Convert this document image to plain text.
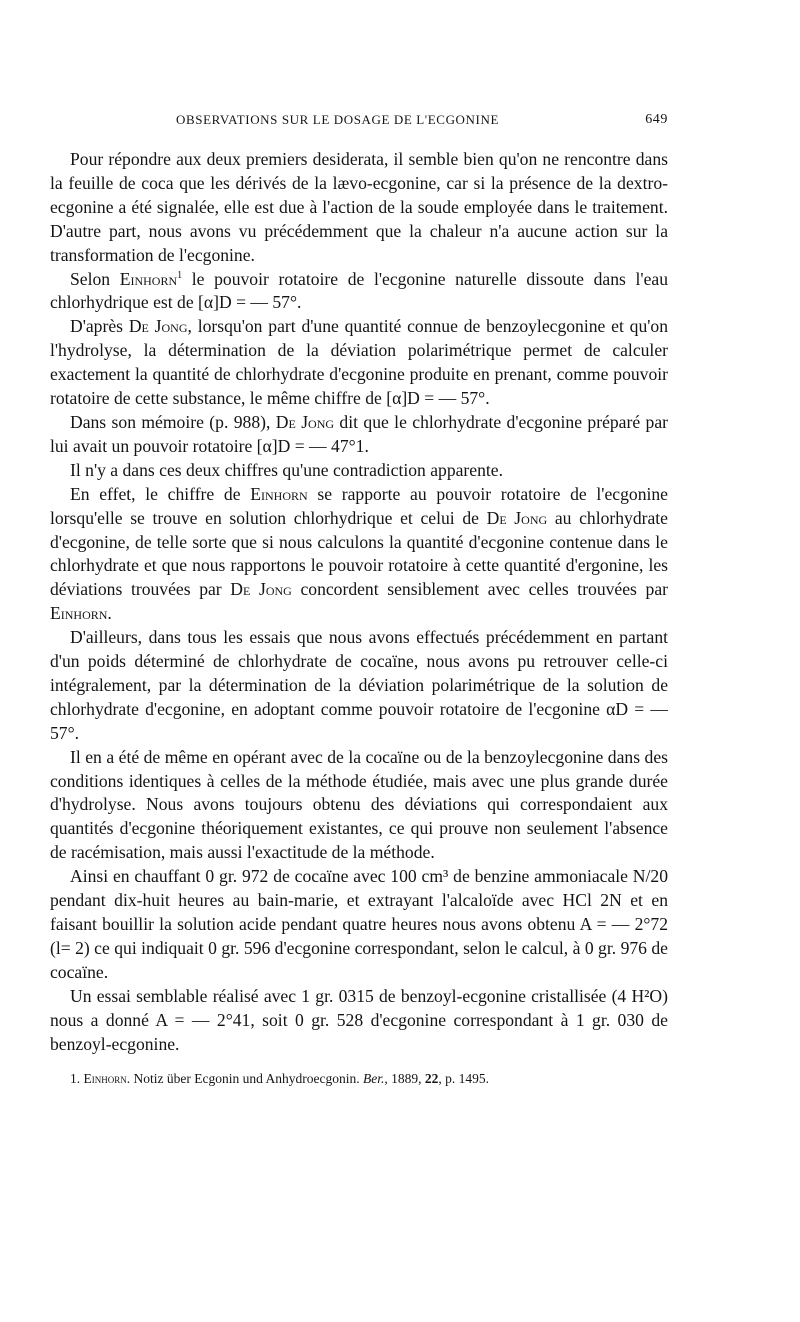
OBSERVATIONS SUR LE DOSAGE DE L'ECGONINE	649

Pour répondre aux deux premiers desiderata, il semble bien qu'on ne rencontre dans la feuille de coca que les dérivés de la lævo-ecgonine, car si la présence de la dextro-ecgonine a été signalée, elle est due à l'action de la soude employée dans le traitement. D'autre part, nous avons vu précédemment que la chaleur n'a aucune action sur la transformation de l'ecgonine.

Selon Einhorn$^1$ le pouvoir rotatoire de l'ecgonine naturelle dissoute dans l'eau chlorhydrique est de [α]D = — 57°.

D'après De Jong, lorsqu'on part d'une quantité connue de benzoylecgonine et qu'on l'hydrolyse, la détermination de la déviation polarimétrique permet de calculer exactement la quantité de chlorhydrate d'ecgonine produite en prenant, comme pouvoir rotatoire de cette substance, le même chiffre de [α]D = — 57°.

Dans son mémoire (p. 988), De Jong dit que le chlorhydrate d'ecgonine préparé par lui avait un pouvoir rotatoire [α]D = — 47°1.

Il n'y a dans ces deux chiffres qu'une contradiction apparente.

En effet, le chiffre de Einhorn se rapporte au pouvoir rotatoire de l'ecgonine lorsqu'elle se trouve en solution chlorhydrique et celui de De Jong au chlorhydrate d'ecgonine, de telle sorte que si nous calculons la quantité d'ecgonine contenue dans le chlorhydrate et que nous rapportons le pouvoir rotatoire à cette quantité d'ergonine, les déviations trouvées par De Jong concordent sensiblement avec celles trouvées par Einhorn.

D'ailleurs, dans tous les essais que nous avons effectués précédemment en partant d'un poids déterminé de chlorhydrate de cocaïne, nous avons pu retrouver celle-ci intégralement, par la détermination de la déviation polarimétrique de la solution de chlorhydrate d'ecgonine, en adoptant comme pouvoir rotatoire de l'ecgonine αD = — 57°.

Il en a été de même en opérant avec de la cocaïne ou de la benzoylecgonine dans des conditions identiques à celles de la méthode étudiée, mais avec une plus grande durée d'hydrolyse. Nous avons toujours obtenu des déviations qui correspondaient aux quantités d'ecgonine théoriquement existantes, ce qui prouve non seulement l'absence de racémisation, mais aussi l'exactitude de la méthode.

Ainsi en chauffant 0 gr. 972 de cocaïne avec 100 cm³ de benzine ammoniacale N/20 pendant dix-huit heures au bain-marie, et extrayant l'alcaloïde avec HCl 2N et en faisant bouillir la solution acide pendant quatre heures nous avons obtenu A = — 2°72 (l= 2) ce qui indiquait 0 gr. 596 d'ecgonine correspondant, selon le calcul, à 0 gr. 976 de cocaïne.

Un essai semblable réalisé avec 1 gr. 0315 de benzoyl-ecgonine cristallisée (4 H²O) nous a donné A = — 2°41, soit 0 gr. 528 d'ecgonine correspondant à 1 gr. 030 de benzoyl-ecgonine.

1. Einhorn. Notiz über Ecgonin und Anhydroecgonin. Ber., 1889, 22, p. 1495.
